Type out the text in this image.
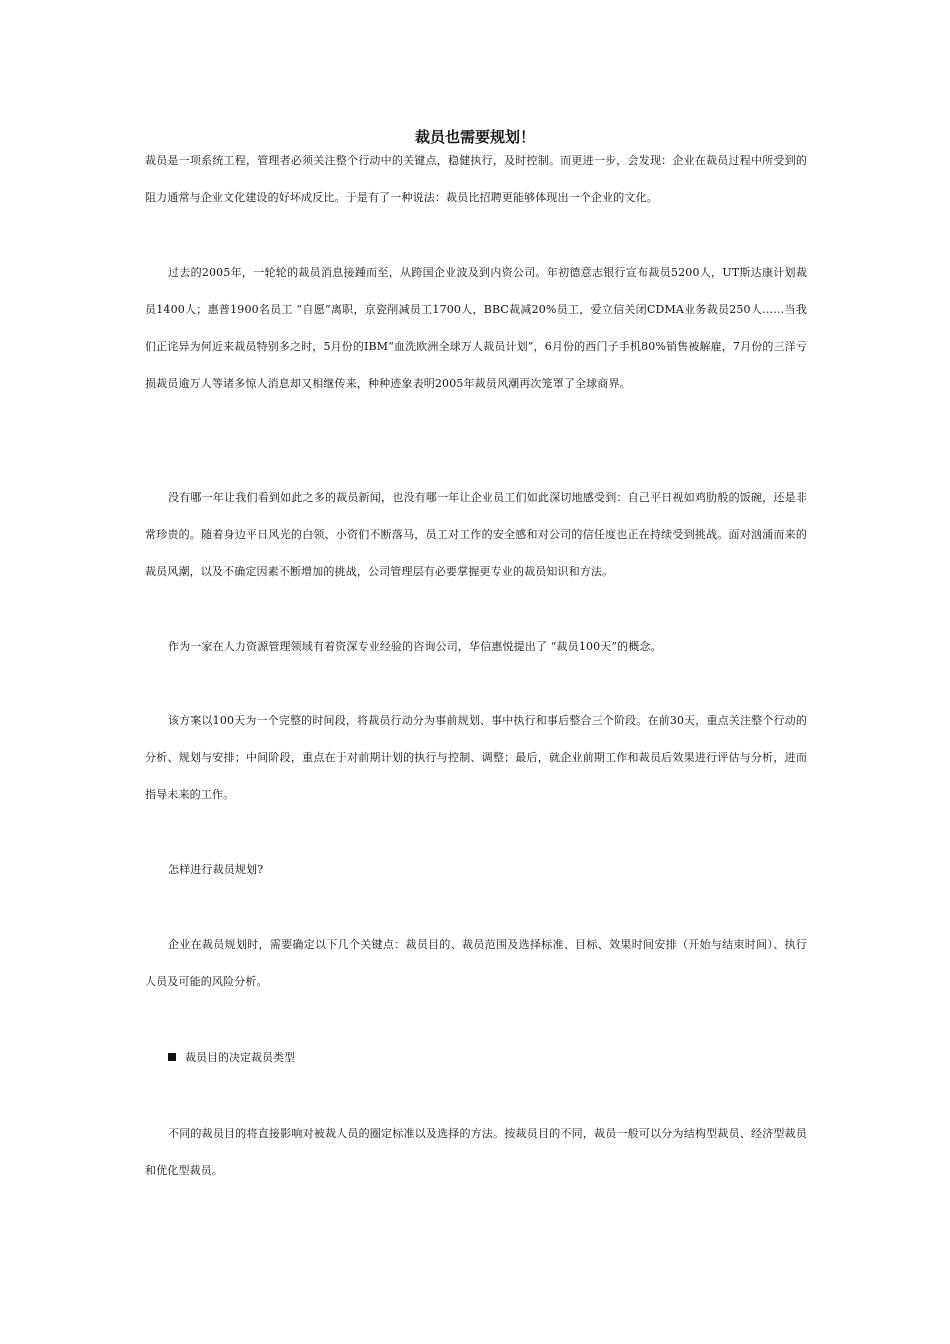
裁员也需要规划！

裁员是一项系统工程，管理者必须关注整个行动中的关键点，稳健执行，及时控制。而更进一步，会发现：企业在裁员过程中所受到的阻力通常与企业文化建设的好坏成反比。于是有了一种说法：裁员比招聘更能够体现出一个企业的文化。

过去的2005年，一轮轮的裁员消息接踵而至，从跨国企业波及到内资公司。年初德意志银行宣布裁员5200人，UT斯达康计划裁员1400人；惠普1900名员工 “自愿”离职，京瓷削减员工1700人，BBC裁减20%员工，爱立信关闭CDMA业务裁员250人……当我们正诧异为何近来裁员特别多之时，5月份的IBM“血洗欧洲全球万人裁员计划”，6月份的西门子手机80%销售被解雇，7月份的三洋亏损裁员逾万人等诸多惊人消息却又相继传来，种种迹象表明2005年裁员风潮再次笼罩了全球商界。

没有哪一年让我们看到如此之多的裁员新闻，也没有哪一年让企业员工们如此深切地感受到：自己平日视如鸡肋般的饭碗，还是非常珍贵的。随着身边平日风光的白领、小资们不断落马，员工对工作的安全感和对公司的信任度也正在持续受到挑战。面对汹涌而来的裁员风潮，以及不确定因素不断增加的挑战，公司管理层有必要掌握更专业的裁员知识和方法。

作为一家在人力资源管理领域有着资深专业经验的咨询公司，华信惠悦提出了 “裁员100天”的概念。

该方案以100天为一个完整的时间段，将裁员行动分为事前规划、事中执行和事后整合三个阶段。在前30天，重点关注整个行动的分析、规划与安排；中间阶段，重点在于对前期计划的执行与控制、调整；最后，就企业前期工作和裁员后效果进行评估与分析，进而指导未来的工作。

怎样进行裁员规划?

企业在裁员规划时，需要确定以下几个关键点：裁员目的、裁员范围及选择标准、目标、效果时间安排（开始与结束时间）、执行人员及可能的风险分析。

裁员目的决定裁员类型

不同的裁员目的将直接影响对被裁人员的圈定标准以及选择的方法。按裁员目的不同，裁员一般可以分为结构型裁员、经济型裁员和优化型裁员。
